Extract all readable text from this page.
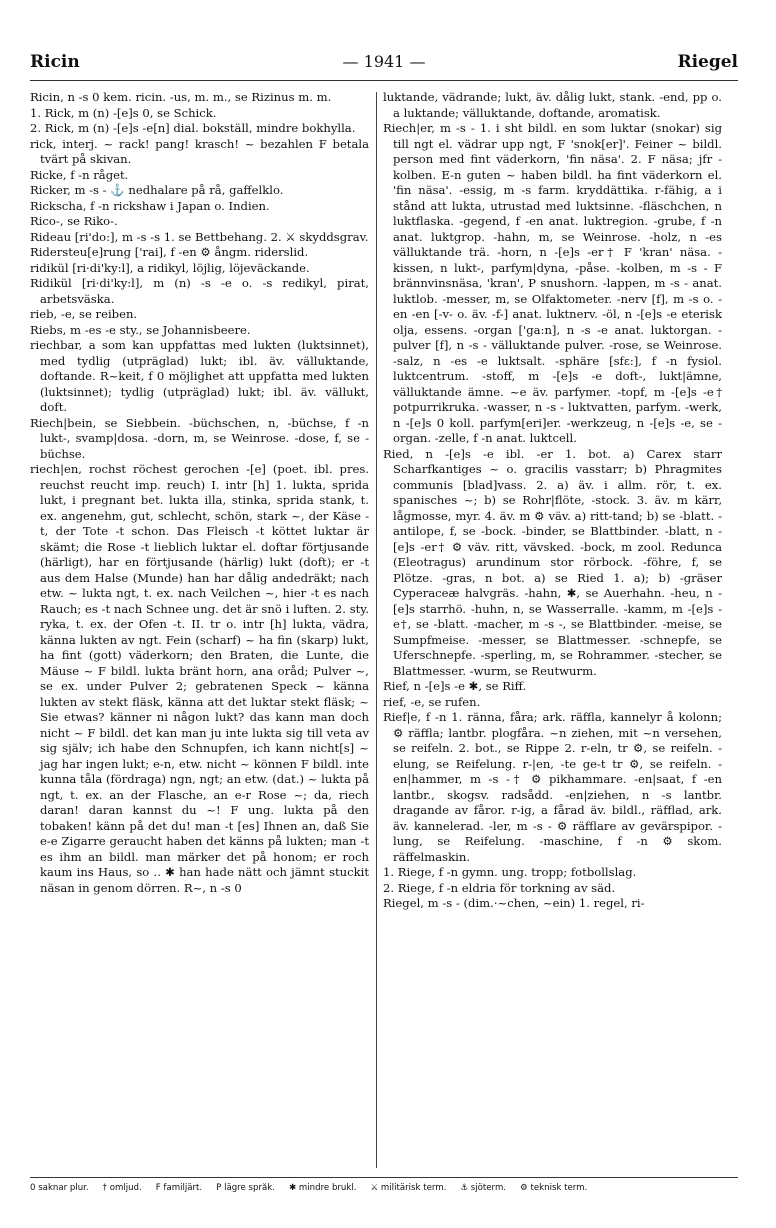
Ricin	— 1941 —	Riegel

Ricin, n -s 0 kem. ricin. -us, m. m., se Rizinus m. m.

1. Rick, m (n) -[e]s 0, se Schick.

2. Rick, m (n) -[e]s -e[n] dial. bokställ, mindre bokhylla.

rick, interj. ~ rack! pang! krasch! ~ bezahlen F betala tvärt på skivan.

Ricke, f -n råget.

Ricker, m -s - ⚓ nedhalare på rå, gaffelklo.

Rickscha, f -n rickshaw i Japan o. Indien.

Rico-, se Riko-.

Rideau [ri'do:], m -s -s 1. se Bettbehang. 2. ⚔ skyddsgrav.

Ridersteu[e]rung ['rai], f -en ⚙ ångm. riderslid.

ridikül [ri·di'ky:l], a ridikyl, löjlig, löjeväckande.

Ridikül [ri·di'ky:l], m (n) -s -e o. -s redikyl, pirat, arbetsväska.

rieb, -e, se reiben.

Riebs, m -es -e sty., se Johannisbeere.

riechbar, a som kan uppfattas med lukten (luktsinnet), med tydlig (utpräglad) lukt; ibl. äv. välluktande, doftande. R~keit, f 0 möjlighet att uppfatta med lukten (luktsinnet); tydlig (utpräglad) lukt; ibl. äv. vällukt, doft.

Riech|bein, se Siebbein. -büchschen, n, -büchse, f -n lukt-, svamp|dosa. -dorn, m, se Weinrose. -dose, f, se -büchse.

riech|en, rochst röchest gerochen -[e] (poet. ibl. pres. reuchst reucht imp. reuch) I. intr [h] 1. lukta, sprida lukt, i pregnant bet. lukta illa, stinka, sprida stank, t. ex. angenehm, gut, schlecht, schön, stark ~, der Käse -t, der Tote -t schon. Das Fleisch -t köttet luktar är skämt; die Rose -t lieblich luktar el. doftar förtjusande (härligt), har en förtjusande (härlig) lukt (doft); er -t aus dem Halse (Munde) han har dålig andedräkt; nach etw. ~ lukta ngt, t. ex. nach Veilchen ~, hier -t es nach Rauch; es -t nach Schnee ung. det är snö i luften. 2. sty. ryka, t. ex. der Ofen -t. II. tr o. intr [h] lukta, vädra, känna lukten av ngt. Fein (scharf) ~ ha fin (skarp) lukt, ha fint (gott) väderkorn; den Braten, die Lunte, die Mäuse ~ F bildl. lukta bränt horn, ana oråd; Pulver ~, se ex. under Pulver 2; gebratenen Speck ~ känna lukten av stekt fläsk, känna att det luktar stekt fläsk; ~ Sie etwas? känner ni någon lukt? das kann man doch nicht ~ F bildl. det kan man ju inte lukta sig till veta av sig själv; ich habe den Schnupfen, ich kann nicht[s] ~ jag har ingen lukt; e-n, etw. nicht ~ können F bildl. inte kunna tåla (fördraga) ngn, ngt; an etw. (dat.) ~ lukta på ngt, t. ex. an der Flasche, an e-r Rose ~; da, riech daran! daran kannst du ~! F ung. lukta på den tobaken! känn på det du! man -t [es] Ihnen an, daß Sie e-e Zigarre geraucht haben det känns på lukten; man -t es ihm an bildl. man märker det på honom; er roch kaum ins Haus, so .. ✱ han hade nätt och jämnt stuckit näsan in genom dörren. R~, n -s 0

luktande, vädrande; lukt, äv. dålig lukt, stank. -end, pp o. a luktande; välluktande, doftande, aromatisk.

Riech|er, m -s - 1. i sht bildl. en som luktar (snokar) sig till ngt el. vädrar upp ngt, F 'snok[er]'. Feiner ~ bildl. person med fint väderkorn, 'fin näsa'. 2. F näsa; jfr -kolben. E-n guten ~ haben bildl. ha fint väderkorn el. 'fin näsa'. -essig, m -s farm. kryddättika. r-fähig, a i stånd att lukta, utrustad med luktsinne. -fläschchen, n luktflaska. -gegend, f -en anat. luktregion. -grube, f -n anat. luktgrop. -hahn, m, se Weinrose. -holz, n -es välluktande trä. -horn, n -[e]s -er† F 'kran' näsa. -kissen, n lukt-, parfym|dyna, -påse. -kolben, m -s - F brännvinsnäsa, 'kran', P snushorn. -lappen, m -s - anat. luktlob. -messer, m, se Olfaktometer. -nerv [f], m -s o. -en -en [-v- o. äv. -f-] anat. luktnerv. -öl, n -[e]s -e eterisk olja, essens. -organ ['ga:n], n -s -e anat. luktorgan. -pulver [f], n -s - välluktande pulver. -rose, se Weinrose. -salz, n -es -e luktsalt. -sphäre [sfɛ:], f -n fysiol. luktcentrum. -stoff, m -[e]s -e doft-, lukt|ämne, välluktande ämne. ~e äv. parfymer. -topf, m -[e]s -e† potpurrikruka. -wasser, n -s - luktvatten, parfym. -werk, n -[e]s 0 koll. parfym[eri]er. -werkzeug, n -[e]s -e, se -organ. -zelle, f -n anat. luktcell.

Ried, n -[e]s -e ibl. -er 1. bot. a) Carex starr Scharfkantiges ~ o. gracilis vasstarr; b) Phragmites communis [blad]vass. 2. a) äv. i allm. rör, t. ex. spanisches ~; b) se Rohr|flöte, -stock. 3. äv. m kärr, lågmosse, myr. 4. äv. m ⚙ väv. a) ritt-tand; b) se -blatt. -antilope, f, se -bock. -binder, se Blattbinder. -blatt, n -[e]s -er† ⚙ väv. ritt, vävsked. -bock, m zool. Redunca (Eleotragus) arundinum stor rörbock. -föhre, f, se Plötze. -gras, n bot. a) se Ried 1. a); b) -gräser Cyperaceæ halvgräs. -hahn, ✱, se Auerhahn. -heu, n -[e]s starrhö. -huhn, n, se Wasserralle. -kamm, m -[e]s -e†, se -blatt. -macher, m -s -, se Blattbinder. -meise, se Sumpfmeise. -messer, se Blattmesser. -schnepfe, se Uferschnepfe. -sperling, m, se Rohrammer. -stecher, se Blattmesser. -wurm, se Reutwurm.

Rief, n -[e]s -e ✱, se Riff.

rief, -e, se rufen.

Rief|e, f -n 1. ränna, fåra; ark. räffla, kannelyr å kolonn; ⚙ räffla; lantbr. plogfåra. ~n ziehen, mit ~n versehen, se reifeln. 2. bot., se Rippe 2. r-eln, tr ⚙, se reifeln. -elung, se Reifelung. r-|en, -te ge-t tr ⚙, se reifeln. -en|hammer, m -s -† ⚙ pikhammare. -en|saat, f -en lantbr., skogsv. radsådd. -en|ziehen, n -s lantbr. dragande av fåror. r-ig, a fårad äv. bildl., räfflad, ark. äv. kannelerad. -ler, m -s - ⚙ räfflare av gevärspipor. -lung, se Reifelung. -maschine, f -n ⚙ skom. räffelmaskin.

1. Riege, f -n gymn. ung. tropp; fotbollslag.

2. Riege, f -n eldria för torkning av säd.

Riegel, m -s - (dim.·~chen, ~ein) 1. regel, ri-

0 saknar plur. † omljud. F familjärt. P lägre språk. ✱ mindre brukl. ⚔ militärisk term. ⚓ sjöterm. ⚙ teknisk term.
